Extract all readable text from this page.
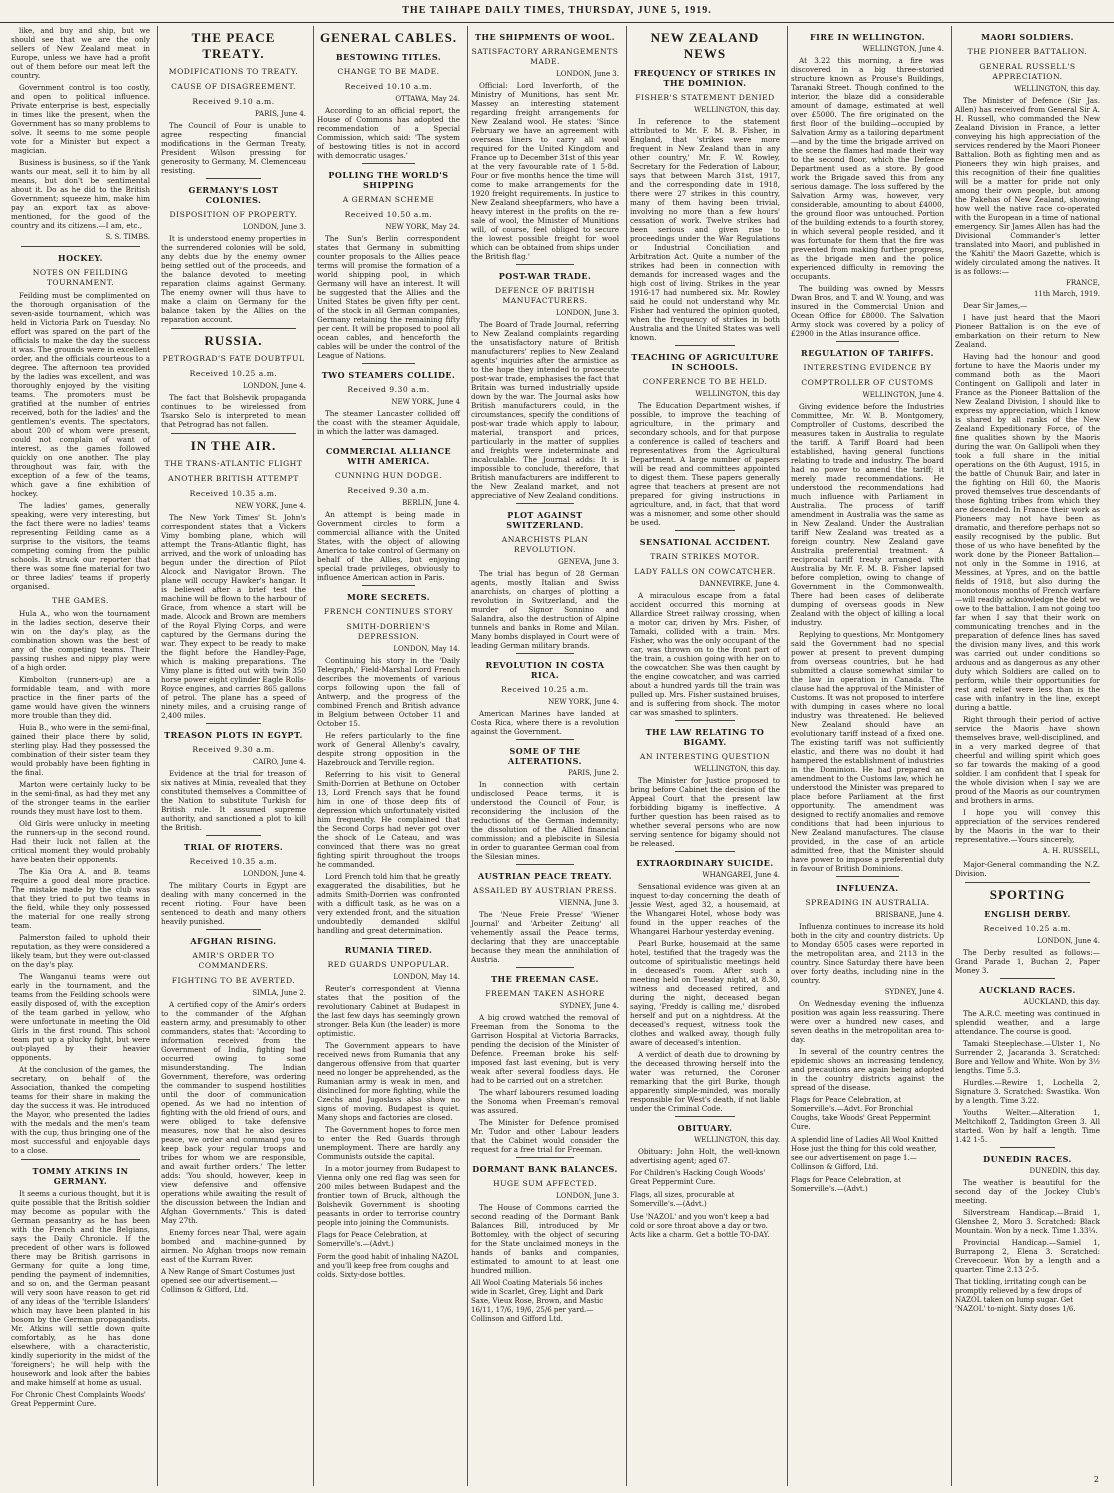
THE TAIHAPE DAILY TIMES, THURSDAY, JUNE 5, 1919.

like, and buy and ship, but we should see that we are the only sellers of New Zealand meat in Europe, unless we have had a profit out of them before our meat left the country.

Government control is too costly, and open to political influence. Private enterprise is best, especially in times like the present, when the Government has so many problems to solve. It seems to me some people vote for a Minister but expect a magician.

Business is business, so if the Yank wants our meat, sell it to him by all means, but don't be sentimental about it. Do as he did to the British Government; squeeze him, make him pay an export tax as above-mentioned, for the good of the country and its citizens.—I am, etc.,

S. S. TIMBS.
HOCKEY.
NOTES ON FEILDING TOURNAMENT.

Feilding must be complimented on the thorough organisation of the seven-aside tournament, which was held in Victoria Park on Tuesday. No effort was spared on the part of the officials to make the day the success it was. The grounds were in excellent order, and the officials courteous to a degree. The afternoon tea provided by the ladies was excellent, and was thoroughly enjoyed by the visiting teams. The promoters must be gratified at the number of entries received, both for the ladies' and the gentlemen's events. The spectators, about 200 of whom were present, could not complain of want of interest, as the games followed quickly on one another. The play throughout was fair, with the exception of a few of the teams, which gave a fine exhibition of hockey.

The ladies' games, generally speaking, were very interesting, but the fact there were no ladies' teams representing Feilding came as a surprise to the visitors, the teams competing coming from the public schools. It struck our reporter that there was some fine material for two or three ladies' teams if properly organised.

THE GAMES.

Hula A., who won the tournament in the ladies section, deserve their win on the day's play, as the combination shown was the best of any of the competing teams. Their passing rushes and nippy play were of a high order.

Kimbolton (runners-up) are a formidable team, and with more practice in the finer parts of the game would have given the winners more trouble than they did.

Huia B., who were in the semi-final, gained their place there by solid, sterling play. Had they possessed the combination of their sister team they would probably have been fighting in the final.

Marton were certainly lucky to be in the semi-final, as had they met any of the stronger teams in the earlier rounds they must have lost to them.

Old Girls were unlucky in meeting the runners-up in the second round. Had their luck not fallen at the critical moment they would probably have beaten their opponents.

The Kia Ora A. and B. teams require a good deal more practice. The mistake made by the club was that they tried to put two teams in the field, while they only possessed the material for one really strong team.

Palmerston failed to uphold their reputation, as they were considered a likely team, but they were out-classed on the day's play.

The Wanganui teams were out early in the tournament, and the teams from the Feilding schools were easily disposed of, with the exception of the team garbed in yellow, who were unfortunate in meeting the Old Girls in the first round. This school team put up a plucky fight, but were out-played by their heavier opponents.

At the conclusion of the games, the secretary, on behalf of the Association, thanked the competing teams for their share in making the day the success it was. He introduced the Mayor, who presented the ladies with the medals and the men's team with the cup, thus bringing one of the most successful and enjoyable days to a close.

TOMMY ATKINS IN GERMANY.

It seems a curious thought, but it is quite possible that the British soldier may become as popular with the German peasantry as he has been with the French and the Belgians, says the Daily Chronicle. If the precedent of other wars is followed there may be British garrisons in Germany for quite a long time, pending the payment of indemnities, and so on, and the German peasant will very soon have reason to get rid of any ideas of the 'terrible Islanders' which may have been planted in his bosom by the German propagandists. Mr. Atkins will settle down quite comfortably, as he has done elsewhere, with a characteristic, kindly superiority in the midst of the 'foreigners'; he will help with the housework and look after the babies and make himself at home as usual.

For Chronic Chest Complaints Woods' Great Peppermint Cure.
THE PEACE TREATY.
MODIFICATIONS TO TREATY.
CAUSE OF DISAGREEMENT.
Received 9.10 a.m.
PARIS, June 4.

The Council of Four is unable to agree respecting financial modifications in the German Treaty, President Wilson pressing for generosity to Germany, M. Clemenceau resisting.

GERMANY'S LOST COLONIES.
DISPOSITION OF PROPERTY.
LONDON, June 3.

It is understood enemy properties in the surrendered colonies will be sold, any debts due by the enemy owner being settled out of the proceeds, and the balance devoted to meeting reparation claims against Germany. The enemy owner will thus have to make a claim on Germany for the balance taken by the Allies on the reparation account.

RUSSIA.
PETROGRAD'S FATE DOUBTFUL
Received 10.25 a.m.
LONDON, June 4.

The fact that Bolshevik propaganda continues to be wirelessed from Tsarsko Selo is interpreted to mean that Petrograd has not fallen.

IN THE AIR.
THE TRANS-ATLANTIC FLIGHT
ANOTHER BRITISH ATTEMPT
Received 10.35 a.m.
NEW YORK, June 4.

The New York Times' St. John's correspondent states that a Vickers Vimy bombing plane, which will attempt the Trans-Atlantic flight, has arrived, and the work of unloading has begun under the direction of Pilot Alcock and Navigator Brown. The plane will occupy Hawker's hangar. It is believed after a brief test the machine will be flown to the harbour of Grace, from whence a start will be made. Alcock and Brown are members of the Royal Flying Corps, and were captured by the Germans during the war. They expect to be ready to make the flight before the Handley-Page, which is making preparations. The Vimy plane is fitted out with twin 350 horse power eight cylinder Eagle Rolls-Royce engines, and carries 865 gallons of petrol. The plane has a speed of ninety miles, and a cruising range of 2,400 miles.

TREASON PLOTS IN EGYPT.
Received 9.30 a.m.
CAIRO, June 4.

Evidence at the trial for treason of six natives at Minia, revealed that they constituted themselves a Committee of the Nation to substitute Turkish for British rule. It assumed supreme authority, and sanctioned a plot to kill the British.

TRIAL OF RIOTERS.
Received 10.35 a.m.
LONDON, June 4.

The military Courts in Egypt are dealing with many concerned in the recent rioting. Four have been sentenced to death and many others heavily punished.

AFGHAN RISING.
AMIR'S ORDER TO COMMANDERS.
FIGHTING TO BE AVERTED.
SIMLA, June 2.

A certified copy of the Amir's orders to the commander of the Afghan eastern army, and presumably to other commanders, states that: 'According to information received from the Government of India, fighting had occurred owing to some misunderstanding. The Indian Government, therefore, was ordering the commander to suspend hostilities until the door of communication opened. As we had no intention of fighting with the old friend of ours, and were obliged to take defensive measures, now that he also desires peace, we order and command you to keep back your regular troops and tribes for whom we are responsible, and await further orders.' The letter adds: 'You should, however, keep in view defensive and offensive operations while awaiting the result of the discussion between the Indian and Afghan Governments.' This is dated May 27th.

Enemy forces near Thal, were again bombed and machine-gunned by airmen. No Afghan troops now remain east of the Kurram River.

A New Range of Smart Costumes just opened see our advertisement.—Collinson & Gifford, Ltd.
GENERAL CABLES.
BESTOWING TITLES.
CHANGE TO BE MADE.
Received 10.10 a.m.
OTTAWA, May 24.

According to an official report, the House of Commons has adopted the recommendation of a Special Commission, which said: 'The system of bestowing titles is not in accord with democratic usages.'

POLLING THE WORLD'S SHIPPING
A GERMAN SCHEME
Received 10.50 a.m.
NEW YORK, May 24.

The Sun's Berlin correspondent states that Germany in submitting counter proposals to the Allies peace terms will promise the formation of a world shipping pool, in which Germany will have an interest. It will be suggested that the Allies and the United States be given fifty per cent. of the stock in all German companies, Germany retaining the remaining fifty per cent. It will be proposed to pool all ocean cables, and henceforth the cables will be under the control of the League of Nations.

TWO STEAMERS COLLIDE.
Received 9.30 a.m.
NEW YORK, June 4

The steamer Lancaster collided off the coast with the steamer Aquidale, in which the latter was damaged.

COMMERCIAL ALLIANCE WITH AMERICA.
CUNNING HUN DODGE.
Received 9.30 a.m.
BERLIN, June 4.

An attempt is being made in Government circles to form a commercial alliance with the United States, with the object of allowing America to take control of Germany on behalf of the Allies, but enjoying special trade privileges, obviously to influence American action in Paris.

MORE SECRETS.
FRENCH CONTINUES STORY
SMITH-DORRIEN'S DEPRESSION.
LONDON, May 14.

Continuing his story in the 'Daily Telegraph,' Field-Marshal Lord French describes the movements of various corps following upon the fall of Antwerp, and the progress of the combined French and British advance in Belgium between October 11 and October 15.

He refers particularly to the fine work of General Allenby's cavalry, despite strong opposition in the Hazebrouck and Terville region.

Referring to his visit to General Smith-Dorrien at Bethune on October 13, Lord French says that he found him in one of those deep fits of depression which unfortunately visited him frequently. He complained that the Second Corps had never got over the shock of Le Cateau, and was convinced that there was no great fighting spirit throughout the troops he commanded.

Lord French told him that he greatly exaggerated the disabilities, but he admits Smith-Dorrien was confronted with a difficult task, as he was on a very extended front, and the situation undoubtedly demanded skilful handling and great determination.

RUMANIA TIRED.
RED GUARDS UNPOPULAR.
LONDON, May 14.

Reuter's correspondent at Vienna states that the position of the revolutionary Cabinet at Budapest in the last few days has seemingly grown stronger. Bela Kun (the leader) is more optimistic.

The Government appears to have received news from Rumania that any dangerous offensive from that quarter need no longer be apprehended, as the Rumanian army is weak in men, and disinclined for more fighting, while the Czechs and Jugoslavs also show no signs of moving. Budapest is quiet. Many shops and factories are closed.

The Government hopes to force men to enter the Red Guards through unemployment. There are hardly any Communists outside the capital.

In a motor journey from Budapest to Vienna only one red flag was seen for 200 miles between Budapest and the frontier town of Bruck, although the Bolshevik Government is shooting peasants in order to terrorise country people into joining the Communists.

Flags for Peace Celebration, at Somerville's.—(Advt.)
Form the good habit of inhaling NAZOL and you'll keep free from coughs and colds. Sixty-dose bottles.
THE SHIPMENTS OF WOOL.
SATISFACTORY ARRANGEMENTS MADE.
LONDON, June 3.

Official: Lord Inverforth, of the Ministry of Munitions, has sent Mr. Massey an interesting statement regarding freight arrangements for New Zealand wool. He states: 'Since February we have an agreement with overseas liners to carry all wool required for the United Kingdom and France up to December 31st of this year at the very favourable rate of 1 5-8d. Four or five months hence the time will come to make arrangements for the 1920 freight requirements. In justice to New Zealand sheepfarmers, who have a heavy interest in the profits on the re-sale of wool, the Minister of Munitions will, of course, feel obliged to secure the lowest possible freight for wool which can be obtained from ships under the British flag.'

POST-WAR TRADE.
DEFENCE OF BRITISH MANUFACTURERS.
LONDON, June 3.

The Board of Trade Journal, referring to New Zealand complaints regarding the unsatisfactory nature of British manufacturers' replies to New Zealand agents' inquiries after the armistice as to the hope they intended to prosecute post-war trade, emphasises the fact that Britain was turned industrially upside down by the war. The Journal asks how British manufacturers could, in the circumstances, specify the conditions of post-war trade which apply to labour, material, transport and prices, particularly in the matter of supplies and freights were indeterminate and incalculable. The Journal adds: It is impossible to conclude, therefore, that British manufacturers are indifferent to the New Zealand market, and not appreciative of New Zealand conditions.

PLOT AGAINST SWITZERLAND.
ANARCHISTS PLAN REVOLUTION.
GENEVA, June 3.

The trial has begun of 28 German agents, mostly Italian and Swiss anarchists, on charges of plotting a revolution in Switzerland, and the murder of Signor Sonnino and Salandra, also the destruction of Alpine tunnels and banks in Rome and Milan. Many bombs displayed in Court were of leading German military brands.

REVOLUTION IN COSTA RICA.
Received 10.25 a.m.
NEW YORK, June 4.

American Marines have landed at Costa Rica, where there is a revolution against the Government.

SOME OF THE ALTERATIONS.
PARIS, June 2.

In connection with certain undisclosed Peace terms, it is understood the Council of Four, is reconsidering the inclusion of the reductions of the German indemnity; the dissolution of the Allied financial commission; and a plebiscite in Silesia in order to guarantee German coal from the Silesian mines.

AUSTRIAN PEACE TREATY.
ASSAILED BY AUSTRIAN PRESS.
VIENNA, June 3.

The 'Neue Freie Presse' 'Wiener Journal' and 'Arbeiter Zeitung' all vehemently assail the Peace terms, declaring that they are unacceptable because they mean the annihilation of Austria.

THE FREEMAN CASE.
FREEMAN TAKEN ASHORE
SYDNEY, June 4.

A big crowd watched the removal of Freeman from the Sonoma to the Garrison Hospital at Victoria Barracks, pending the decision of the Minister of Defence. Freeman broke his self-imposed fast last evening, but is very weak after several foodless days. He had to be carried out on a stretcher.

The wharf labourers resumed loading the Sonoma when Freeman's removal was assured.

The Minister for Defence promised Mr. Tudor and other Labour leaders that the Cabinet would consider the request for a free trial for Freeman.

DORMANT BANK BALANCES.
HUGE SUM AFFECTED.
LONDON, June 3.

The House of Commons carried the second reading of the Dormant Bank Balances Bill, introduced by Mr Bottomley, with the object of securing for the State unclaimed moneys in the hands of banks and companies, estimated to amount to at least one hundred million.

All Wool Coating Materials 56 inches wide in Scarlet, Grey, Light and Dark Saxe, Vieux Rose, Brown, and Mastic 16/11, 17/6, 19/6, 25/6 per yard.—Collinson and Gifford Ltd.
NEW ZEALAND NEWS
FREQUENCY OF STRIKES IN THE DOMINION.
FISHER'S STATEMENT DENIED
WELLINGTON, this day.

In reference to the statement attributed to Mr. F. M. B. Fisher, in England, that 'strikes were more frequent in New Zealand than in any other country,' Mr. F. W. Rowley, Secretary for the Federation of Labour, says that between March 31st, 1917, and the corresponding date in 1918, there were 27 strikes in this country, many of them having been trivial, involving no more than a few hours' cessation of work. Twelve strikes had been serious and given rise to proceedings under the War Regulations or Industrial Conciliation and Arbitration Act. Quite a number of the strikes had been in connection with demands for increased wages and the high cost of living. Strikes in the year 1916-17 had numbered six. Mr. Rowley said he could not understand why Mr. Fisher had ventured the opinion quoted, when the frequency of strikes in both Australia and the United States was well known.

TEACHING OF AGRICULTURE IN SCHOOLS.
CONFERENCE TO BE HELD.
WELLINGTON, this day

The Education Department wishes, if possible, to improve the teaching of agriculture, in the primary and secondary schools, and for that purpose a conference is called of teachers and representatives from the Agricultural Department. A large number of papers will be read and committees appointed to digest them. These papers generally agree that teachers at present are not prepared for giving instructions in agriculture, and, in fact, that that word was a misnomer, and some other should be used.

SENSATIONAL ACCIDENT.
TRAIN STRIKES MOTOR.
LADY FALLS ON COWCATCHER.
DANNEVIRKE, June 4.

A miraculous escape from a fatal accident occurred this morning at Allardice Street railway crossing, when a motor car, driven by Mrs. Fisher, of Tamaki, collided with a train. Mrs. Fisher, who was the only occupant of the car, was thrown on to the front part of the train, a cushion going with her on to the cowcatcher. She was then caught by the engine cowcatcher, and was carried about a hundred yards till the train was pulled up. Mrs. Fisher sustained bruises, and is suffering from shock. The motor car was smashed to splinters.

THE LAW RELATING TO BIGAMY.
AN INTERESTING QUESTION
WELLINGTON, this day.

The Minister for Justice proposed to bring before Cabinet the decision of the Appeal Court that the present law forbidding bigamy is ineffective. A further question has been raised as to whether several persons who are now serving sentence for bigamy should not be released.

EXTRAORDINARY SUICIDE.
WHANGAREI, June 4.

Sensational evidence was given at an inquest to-day concerning the death of Jessie West, aged 32, a housemaid, at the Whangarei Hotel, whose body was found in the upper reaches of the Whangarei Harbour yesterday evening.

Pearl Burke, housemaid at the same hotel, testified that the tragedy was the outcome of spiritualistic meetings held in deceased's room. After such a meeting held on Tuesday night, at 8.30, witness and deceased retired, and during the night, deceased began saying, 'Freddy is calling me,' disrobed herself and put on a nightdress. At the deceased's request, witness took the clothes and walked away, though fully aware of deceased's intention.

A verdict of death due to drowning by the deceased throwing herself into the water was returned, the Coroner remarking that the girl Burke, though apparently simple-minded, was morally responsible for West's death, if not liable under the Criminal Code.

OBITUARY.
WELLINGTON, this day.

Obituary: John Holt, the well-known advertising agent; aged 67.

For Children's Hacking Cough Woods' Great Peppermint Cure.
Flags, all sizes, procurable at Somerville's.—(Advt.)
Use 'NAZOL' and you won't keep a bad cold or sore throat above a day or two. Acts like a charm. Get a bottle TO-DAY.
FIRE IN WELLINGTON.
WELLINGTON, June 4.

At 3.22 this morning, a fire was discovered in a big three-storied structure known as Prouse's Buildings, Taranaki Street. Though confined to the interior, the blaze did a considerable amount of damage, estimated at well over £5000. The fire originated on the first floor of the building—occupied by Salvation Army as a tailoring department—and by the time the brigade arrived on the scene the flames had made their way to the second floor, which the Defence Department used as a store. By good work the Brigade saved this from any serious damage. The loss suffered by the Salvation Army was, however, very considerable, amounting to about £4000, the ground floor was untouched. Portion of the building extends to a fourth storey, in which several people resided, and it was fortunate for them that the fire was prevented from making further progress, as the brigade men and the police experienced difficulty in removing the occupants.

The building was owned by Messrs Dwan Bros, and T. and W. Young, and was insured in the Commercial Union and Ocean Office for £8000. The Salvation Army stock was covered by a policy of £2900 in the Atlas insurance office.

REGULATION OF TARIFFS.
INTERESTING EVIDENCE BY
COMPTROLLER OF CUSTOMS
WELLINGTON, June 4.

Giving evidence before the Industries Committee, Mr. W. B. Montgomery, Comptroller of Customs, described the measures taken in Australia to regulate the tariff. A Tariff Board had been established, having general functions relating to trade and industry. The board had no power to amend the tariff; it merely made recommendations. He understood the recommendations had much influence with Parliament in Australia. The process of tariff amendment in Australia was the same as in New Zealand. Under the Australian tariff New Zealand was treated as a foreign country. New Zealand gave Australia preferential treatment. A reciprocal tariff treaty arranged with Australia by Mr. F. M. B. Fisher lapsed before completion, owing to change of Government in the Commonwealth. There had been cases of deliberate dumping of overseas goods in New Zealand with the object of killing a local industry.

Replying to questions, Mr. Montgomery said the Government had no special power at present to prevent dumping from overseas countries, but he had submitted a clause somewhat similar to the law in operation in Canada. The clause had the approval of the Minister of Customs. It was not proposed to interfere with dumping in cases where no local industry was threatened. He believed New Zealand should have an evolutionary tariff instead of a fixed one. The existing tariff was not sufficiently elastic, and there was no doubt it had hampered the establishment of industries in the Dominion. He had prepared an amendment to the Customs law, which he understood the Minister was prepared to place before Parliament at the first opportunity. The amendment was designed to rectify anomalies and remove conditions that had been injurious to New Zealand manufactures. The clause provided, in the case of an article admitted free, that the Minister should have power to impose a preferential duty in favour of British Dominions.

INFLUENZA.
SPREADING IN AUSTRALIA.
BRISBANE, June 4.

Influenza continues to increase its hold both in the city and country districts. Up to Monday 6505 cases were reported in the metropolitan area, and 2113 in the country. Since Saturday there have been over forty deaths, including nine in the country.

SYDNEY, June 4.

On Wednesday evening the influenza position was again less reassuring. There were over a hundred new cases, and seven deaths in the metropolitan area to-day.

In several of the country centres the epidemic shows an increasing tendency, and precautions are again being adopted in the country districts against the spread of the disease.

Flags for Peace Celebration, at Somerville's.—Advt. For Bronchial Coughs, take Woods' Great Peppermint Cure.
A splendid line of Ladies All Wool Knitted Hose just the thing for this cold weather, see our advertisement on page 1.—Collinson & Gifford, Ltd.
Flags for Peace Celebration, at Somerville's.—(Advt.)
MAORI SOLDIERS.
THE PIONEER BATTALION.
GENERAL RUSSELL'S APPRECIATION.
WELLINGTON, this day.

The Minister of Defence (Sir Jas. Allen) has received from General Sir A. H. Russell, who commanded the New Zealand Division in France, a letter conveying his high appreciation of the services rendered by the Maori Pioneer Battalion. Both as fighting men and as Pioneers they win high praises, and this recognition of their fine qualities will be a matter for pride not only among their own people, but among the Pakehas of New Zealand, showing how well the native race co-operated with the European in a time of national emergency. Sir James Allen has had the Divisional Commander's letter translated into Maori, and published in the 'Kahiti' the Maori Gazette, which is widely circulated among the natives. It is as follows:—

FRANCE,
11th March, 1919.

Dear Sir James,—

I have just heard that the Maori Pioneer Battalion is on the eve of embarkation on their return to New Zealand.

Having had the honour and good fortune to have the Maoris under my command both as the Maori Contingent on Gallipoli and later in France as the Pioneer Battalion of the New Zealand Division, I should like to express my appreciation, which I know is shared by all ranks of the New Zealand Expeditionary Force, of the fine qualities shown by the Maoris during the war. On Gallipoli when they took a full share in the initial operations on the 6th August, 1915, in the battle of Chunuk Bair, and later in the fighting on Hill 60, the Maoris proved themselves true descendants of those fighting tribes from which they are descended. In France their work as Pioneers may not have been as dramatic, and therefore perhaps not so easily recognised by the public. But those of us who have benefited by the work done by the Pioneer Battalion—not only in the Somme in 1916, at Messines, at Ypres, and on the battle fields of 1918, but also during the monotonous months of French warfare—will readily acknowledge the debt we owe to the battalion. I am not going too far when I say that their work on communicating trenches and in the preparation of defence lines has saved the division many lives, and this work was carried out under conditions so arduous and as dangerous as any other duty which Soldiers are called on to perform, while their opportunities for rest and relief were less than is the case with infantry in the line, except during a battle.

Right through their period of active service the Maoris have shown themselves brave, well-disciplined, and in a very marked degree of that cheerful and willing spirit which goes so far towards the making of a good soldier. I am confident that I speak for the whole division when I say we are proud of the Maoris as our countrymen and brothers in arms.

I hope you will convey this appreciation of the services rendered by the Maoris in the war to their representative.—Yours sincerely,

A. H. RUSSELL,

Major-General commanding the N.Z. Division.

SPORTING
ENGLISH DERBY.
Received 10.25 a.m.
LONDON, June 4.

The Derby resulted as follows:—Grand Parade 1, Buchan 2, Paper Money 3.

AUCKLAND RACES.
AUCKLAND, this day.

The A.R.C. meeting was continued in splendid weather, and a large attendance. The course is good.

Tamaki Steeplechase.—Ulster 1, No Surrender 2, Jacaranda 3. Scratched: Bore and Yellow and White. Won by 3½ lengths. Time 5.3.

Hurdles.—Rewire 1, Lochella 2, Signature 3. Scratched: Swastika. Won by a length. Time 3.22.

Youths Welter.—Alteration 1, Meltchikoff 2, Taddington Green 3. All started. Won by half a length. Time 1.42 1-5.

DUNEDIN RACES.
DUNEDIN, this day.

The weather is beautiful for the second day of the Jockey Club's meeting.

Silverstream Handicap.—Braid 1, Glenshee 2, Moro 3. Scratched: Black Mountain. Won by a neck. Time 1.33¼.

Provincial Handicap.—Samiel 1, Burrapong 2, Elena 3. Scratched: Crevecoeur. Won by a length and a quarter. Time 2.13 2-5.

That tickling, irritating cough can be promptly relieved by a few drops of NAZOL taken on lump sugar. Get 'NAZOL' to-night. Sixty doses 1/6.
2
